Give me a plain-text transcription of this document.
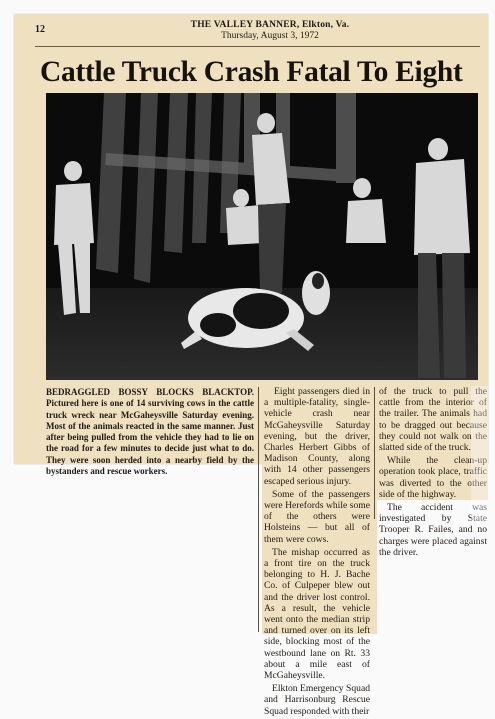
12	THE VALLEY BANNER, Elkton, Va.
Thursday, August 3, 1972
Cattle Truck Crash Fatal To Eight
BEDRAGGLED BOSSY BLOCKS BLACKTOP. Pictured here is one of 14 surviving cows in the cattle truck wreck near McGaheysville Saturday evening. Most of the animals reacted in the same manner. Just after being pulled from the vehicle they had to lie on the road for a few minutes to decide just what to do. They were soon herded into a nearby field by the bystanders and rescue workers.

Eight passengers died in a multiple-fatality, single-vehicle crash near McGaheysville Saturday evening, but the driver, Charles Herbert Gibbs of Madison County, along with 14 other passengers escaped serious injury.

Some of the passengers were Herefords while some of the others were Holsteins — but all of them were cows.

The mishap occurred as a front tire on the truck belonging to H. J. Bache Co. of Culpeper blew out and the driver lost control. As a result, the vehicle went onto the median strip and turned over on its left side, blocking most of the westbound lane on Rt. 33 about a mile east of McGaheysville.

Elkton Emergency Squad and Harrisonburg Rescue Squad responded with their

of the truck to pull the cattle from the interior of the trailer. The animals had to be dragged out because they could not walk on the slatted side of the truck.

While the clean-up operation took place, traffic was diverted to the other side of the highway.

The accident was investigated by State Trooper R. Failes, and no charges were placed against the driver.
